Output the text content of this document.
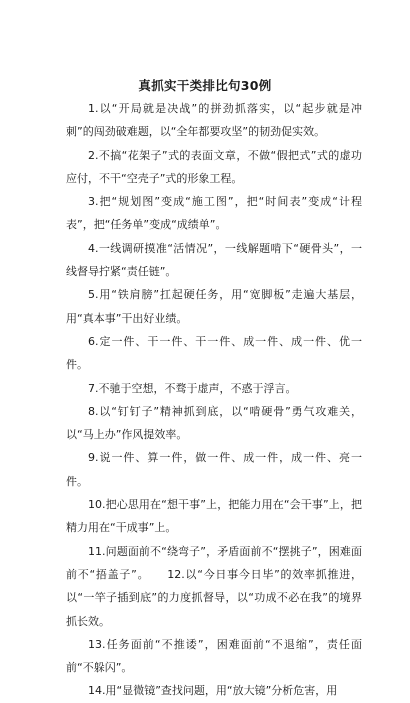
真抓实干类排比句30例

1.以“开局就是决战”的拼劲抓落实，以“起步就是冲刺”的闯劲破难题，以“全年都要攻坚”的韧劲促实效。

2.不搞“花架子”式的表面文章，不做“假把式”式的虚功应付，不干“空壳子”式的形象工程。

3.把“规划图”变成“施工图”，把“时间表”变成“计程表”，把“任务单”变成“成绩单”。

4.一线调研摸准“活情况”，一线解题啃下“硬骨头”，一线督导拧紧“责任链”。

5.用“铁肩膀”扛起硬任务，用“宽脚板”走遍大基层，用“真本事”干出好业绩。

6.定一件、干一件、干一件、成一件、成一件、优一件。

7.不驰于空想，不骛于虚声，不惑于浮言。

8.以“钉钉子”精神抓到底，以“啃硬骨”勇气攻难关，以“马上办”作风提效率。

9.说一件、算一件，做一件、成一件，成一件、亮一件。

10.把心思用在“想干事”上，把能力用在“会干事”上，把精力用在“干成事”上。

11.问题面前不“绕弯子”，矛盾面前不“摆挑子”，困难面前不“捂盖子”。　　12.以“今日事今日毕”的效率抓推进，以“一竿子插到底”的力度抓督导，以“功成不必在我”的境界抓长效。

13.任务面前“不推诿”，困难面前“不退缩”，责任面前“不躲闪”。

14.用“显微镜”查找问题，用“放大镜”分析危害，用
